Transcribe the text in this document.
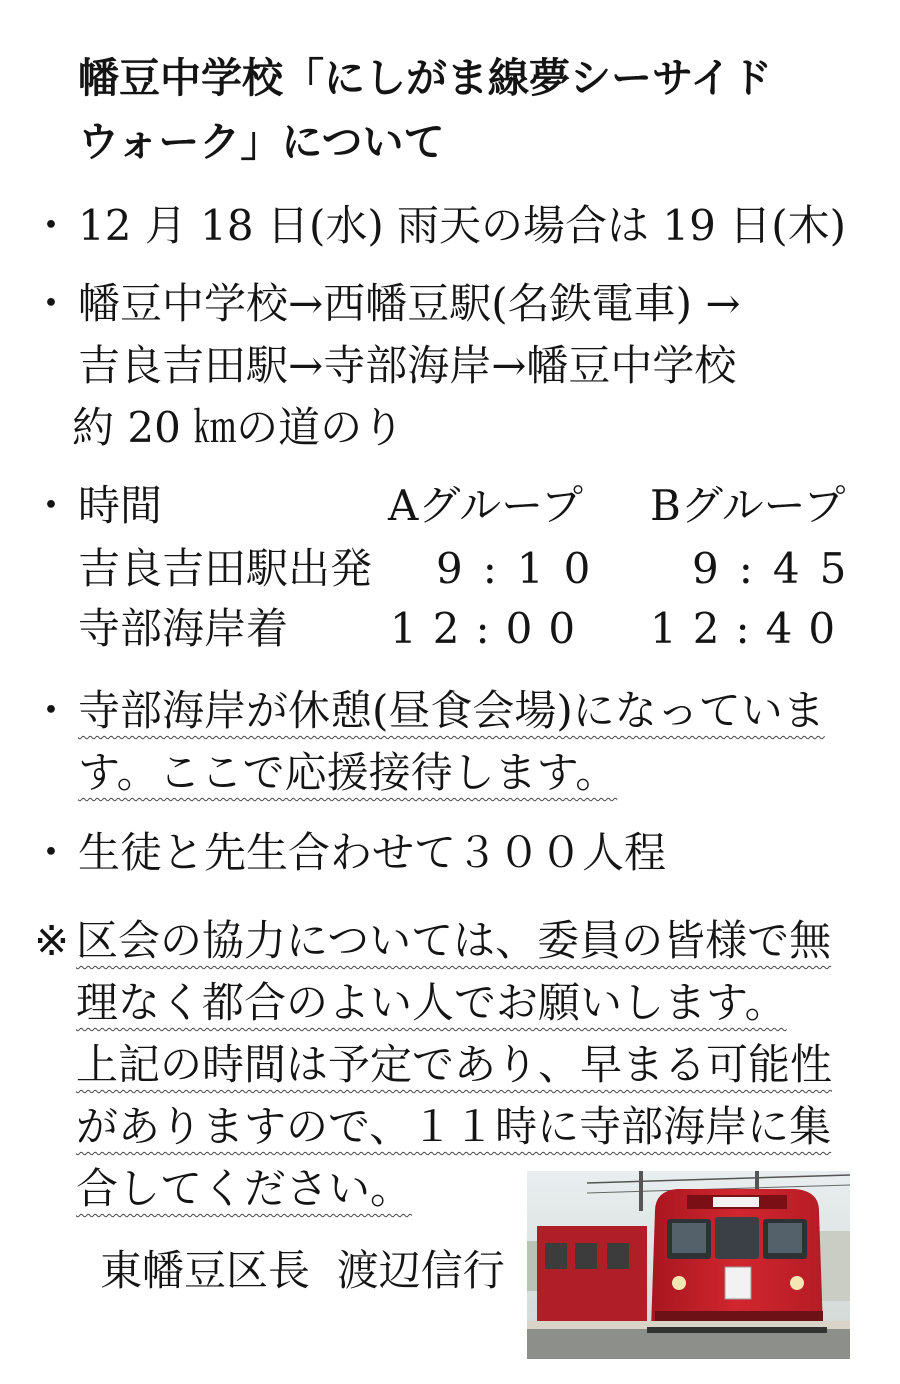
幡豆中学校「にしがま線夢シーサイド
ウォーク」について
・ 12 月 18 日(水) 雨天の場合は 19 日(木)
・ 幡豆中学校→西幡豆駅(名鉄電車) →
吉良吉田駅→寺部海岸→幡豆中学校
約 20 ㎞の道のり
・ 時間	Aグループ Bグループ
吉良吉田駅出発 9:10 9:45
寺部海岸着 12:00 12:40
・ 寺部海岸が休憩(昼食会場)になっていま
す。ここで応援接待します。
・ 生徒と先生合わせて３００人程
※ 区会の協力については、委員の皆様で無
理なく都合のよい人でお願いします。
上記の時間は予定であり、早まる可能性
がありますので、１１時に寺部海岸に集
合してください。
東幡豆区長  渡辺信行
